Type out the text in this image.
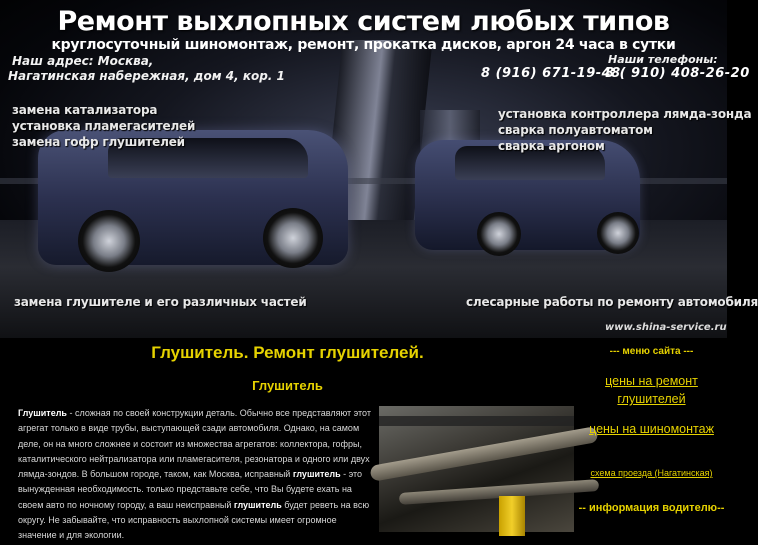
Ремонт выхлопных систем любых типов
круглосуточный шиномонтаж, ремонт, прокатка дисков, аргон 24 часа в сутки
Наш адрес: Москва,
Нагатинская набережная, дом 4, кор. 1
Наши телефоны:
8 (916) 671-19-48
8 ( 910) 408-26-20
замена катализатора
установка пламегасителей
замена гофр глушителей
установка контроллера лямда-зонда
сварка полуавтоматом
сварка аргоном
замена глушителе и его различных частей	слесарные работы по ремонту автомобиля
www.shina-service.ru
Глушитель. Ремонт глушителей.
Глушитель
Глушитель - сложная по своей конструкции деталь. Обычно все представляют этот агрегат только в виде трубы, выступающей сзади автомобиля. Однако, на самом деле, он на много сложнее и состоит из множества агрегатов: коллектора, гофры, каталитического нейтрализатора или пламегасителя, резонатора и одного или двух лямда-зондов. В большом городе, таком, как Москва, исправный глушитель - это вынужденная необходимость. только представьте себе, что Вы будете ехать на своем авто по ночному городу, а ваш неисправный глушитель будет реветь на всю округу. Не забывайте, что исправность выхлопной системы имеет огромное значение и для экологии.
--- меню сайта ---
цены на ремонт глушителей
цены на шиномонтаж
схема проезда (Нагатинская)
-- информация водителю--
